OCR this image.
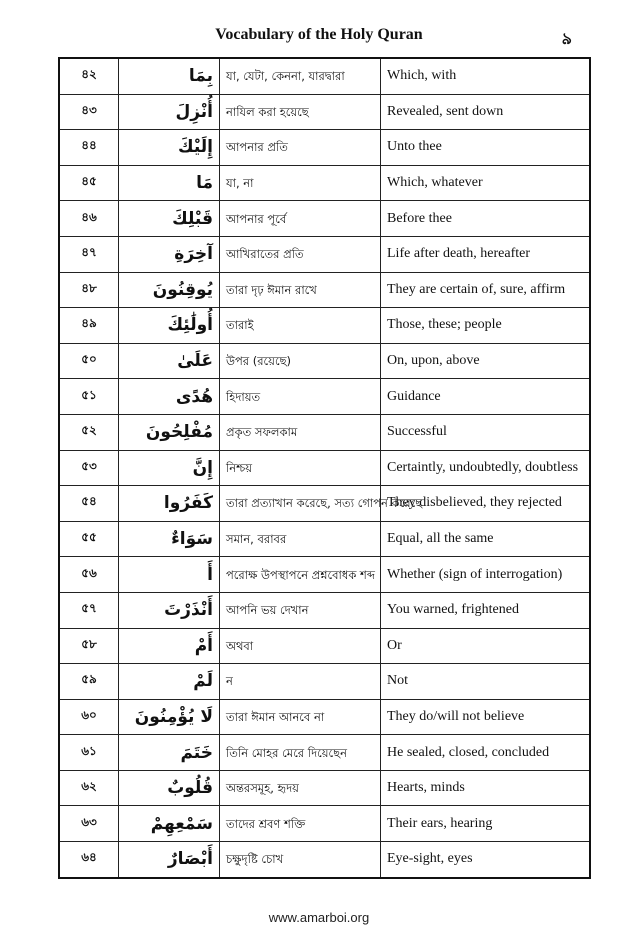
Vocabulary of the Holy Quran	৯
৪২	بِمَا	যা, যেটা, কেননা, যারদ্বারা	Which, with
৪৩	أُنْزِلَ	নাযিল করা হয়েছে	Revealed, sent down
৪৪	إِلَيْكَ	আপনার প্রতি	Unto thee
৪৫	مَا	যা, না	Which, whatever
৪৬	قَبْلِكَ	আপনার পূর্বে	Before thee
৪৭	آخِرَةِ	আখিরাতের প্রতি	Life after death, hereafter
৪৮	يُوقِنُونَ	তারা দৃঢ় ঈমান রাখে	They are certain of, sure, affirm
৪৯	أُولَٰئِكَ	তারাই	Those, these; people
৫০	عَلَىٰ	উপর (রয়েছে)	On, upon, above
৫১	هُدًى	হিদায়ত	Guidance
৫২	مُفْلِحُونَ	প্রকৃত সফলকাম	Successful
৫৩	إِنَّ	নিশ্চয়	Certaintly, undoubtedly, doubtless
৫৪	كَفَرُوا	তারা প্রত্যাখান করেছে, সত্য গোপন করেছে	They disbelieved, they rejected
৫৫	سَوَاءٌ	সমান, বরাবর	Equal, all the same
৫৬	أَ	পরোক্ষ উপস্থাপনে প্রশ্নবোধক শব্দ	Whether (sign of interrogation)
৫৭	أَنْذَرْتَ	আপনি ভয় দেখান	You warned, frightened
৫৮	أَمْ	অথবা	Or
৫৯	لَمْ	ন	Not
৬০	لَا يُؤْمِنُونَ	তারা ঈমান আনবে না	They do/will not believe
৬১	خَتَمَ	তিনি মোহর মেরে দিয়েছেন	He sealed, closed, concluded
৬২	قُلُوبٌ	অন্তরসমূহ, হৃদয়	Hearts, minds
৬৩	سَمْعِهِمْ	তাদের শ্রবণ শক্তি	Their ears, hearing
৬৪	أَبْصَارٌ	চক্ষুদৃষ্টি চোখ	Eye-sight, eyes
www.amarboi.org
